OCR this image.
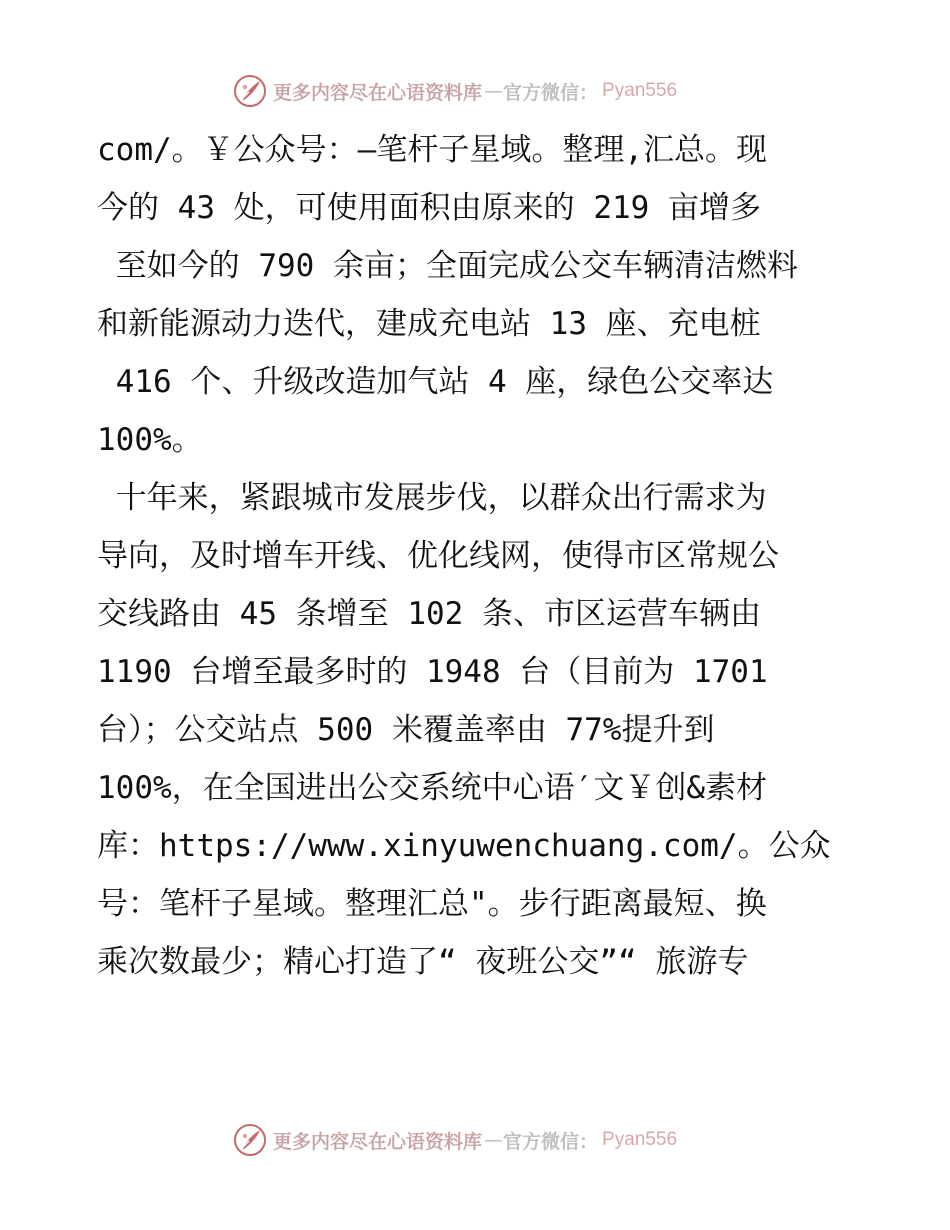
更多内容尽在心语资料库 — 官方微信： Pyan556
com/。￥公众号：—笔杆子星域。整理,汇总。现
今的 43 处，可使用面积由原来的 219 亩增多
至如今的 790 余亩；全面完成公交车辆清洁燃料
和新能源动力迭代，建成充电站 13 座、充电桩
416 个、升级改造加气站 4 座，绿色公交率达
100%。
十年来，紧跟城市发展步伐，以群众出行需求为
导向，及时增车开线、优化线网，使得市区常规公
交线路由 45 条增至 102 条、市区运营车辆由
1190 台增至最多时的 1948 台（目前为 1701
台）；公交站点 500 米覆盖率由 77%提升到
100%，在全国进出公交系统中心语′文￥创&素材
库：https://www.xinyuwenchuang.com/。公众
号：笔杆子星域。整理汇总"。步行距离最短、换
乘次数最少；精心打造了“ 夜班公交”“ 旅游专
更多内容尽在心语资料库 — 官方微信： Pyan556
